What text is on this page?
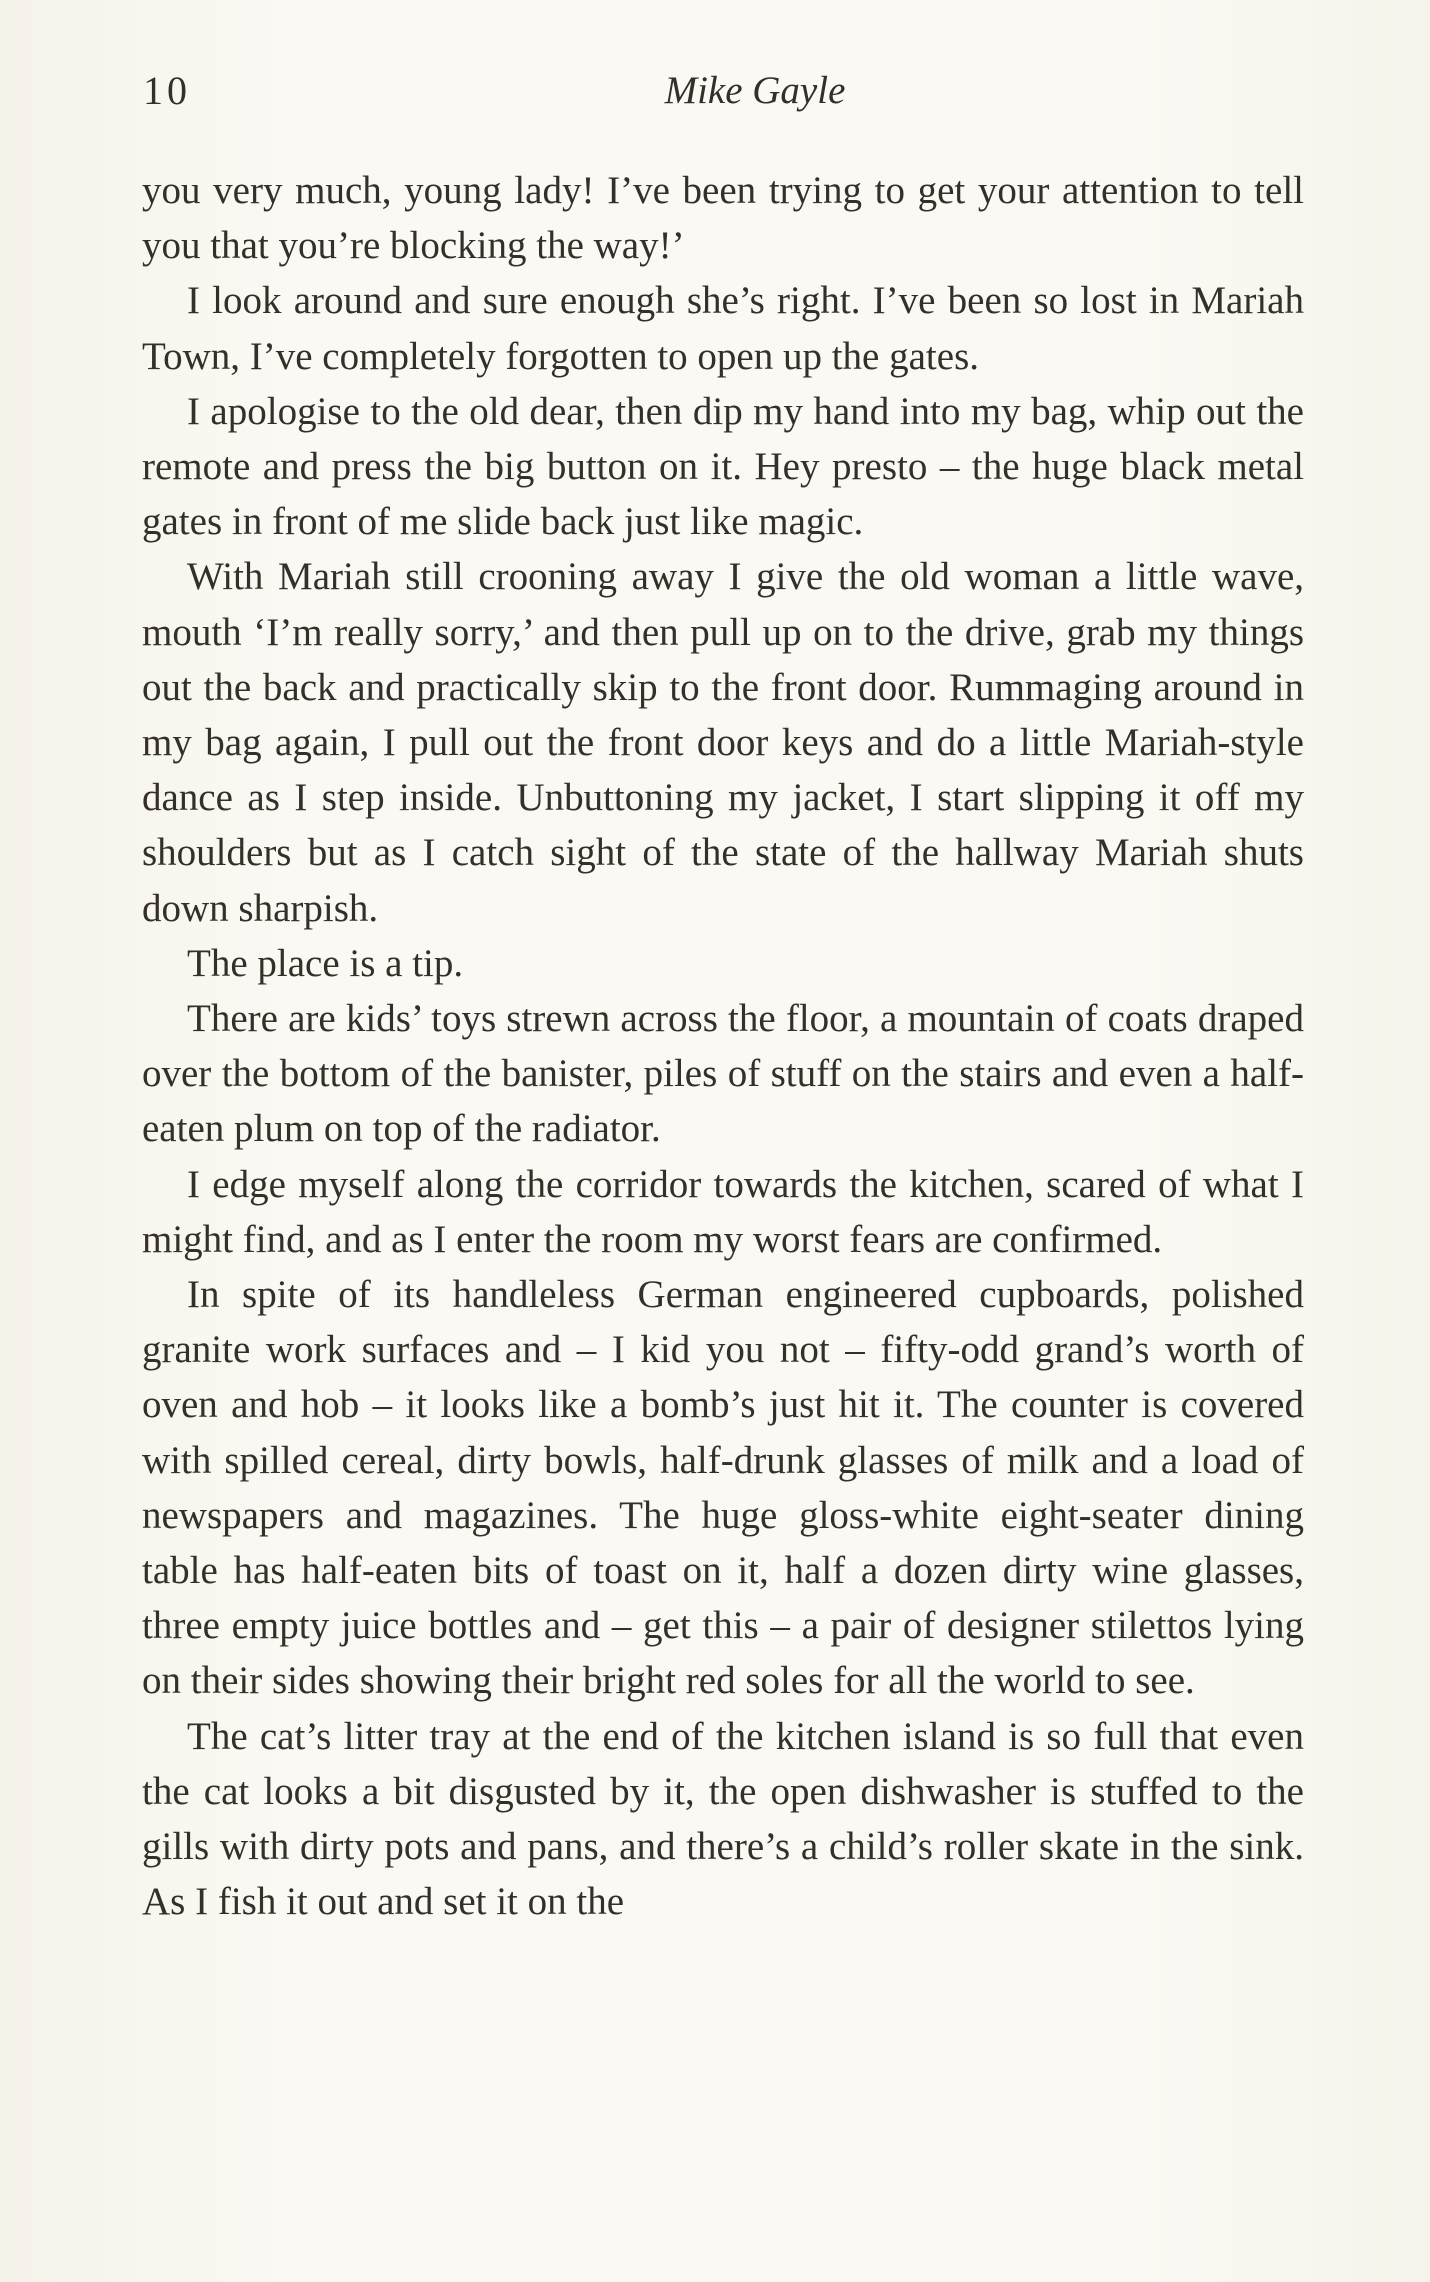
10	Mike Gayle

you very much, young lady! I’ve been trying to get your attention to tell you that you’re blocking the way!’

I look around and sure enough she’s right. I’ve been so lost in Mariah Town, I’ve completely forgotten to open up the gates.

I apologise to the old dear, then dip my hand into my bag, whip out the remote and press the big button on it. Hey presto – the huge black metal gates in front of me slide back just like magic.

With Mariah still crooning away I give the old woman a little wave, mouth ‘I’m really sorry,’ and then pull up on to the drive, grab my things out the back and practically skip to the front door. Rummaging around in my bag again, I pull out the front door keys and do a little Mariah-style dance as I step inside. Unbuttoning my jacket, I start slipping it off my shoulders but as I catch sight of the state of the hallway Mariah shuts down sharpish.

The place is a tip.

There are kids’ toys strewn across the floor, a mountain of coats draped over the bottom of the banister, piles of stuff on the stairs and even a half-eaten plum on top of the radiator.

I edge myself along the corridor towards the kitchen, scared of what I might find, and as I enter the room my worst fears are confirmed.

In spite of its handleless German engineered cupboards, polished granite work surfaces and – I kid you not – fifty-odd grand’s worth of oven and hob – it looks like a bomb’s just hit it. The counter is covered with spilled cereal, dirty bowls, half-drunk glasses of milk and a load of newspapers and magazines. The huge gloss-white eight-seater dining table has half-eaten bits of toast on it, half a dozen dirty wine glasses, three empty juice bottles and – get this – a pair of designer stilettos lying on their sides showing their bright red soles for all the world to see.

The cat’s litter tray at the end of the kitchen island is so full that even the cat looks a bit disgusted by it, the open dishwasher is stuffed to the gills with dirty pots and pans, and there’s a child’s roller skate in the sink. As I fish it out and set it on the
